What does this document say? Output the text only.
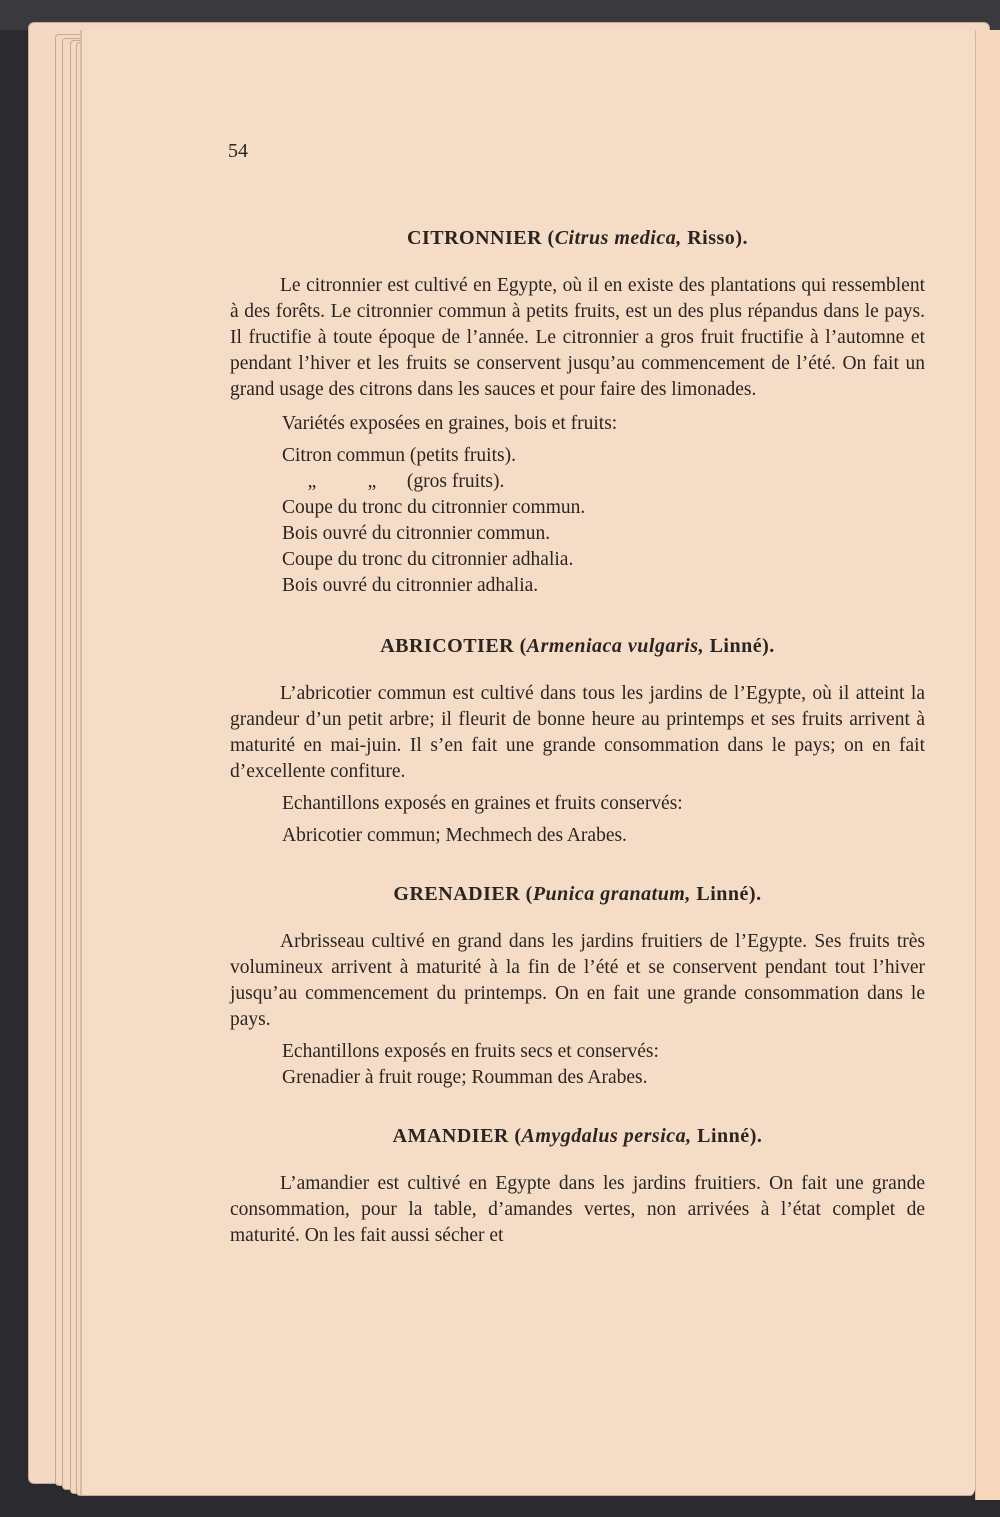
54
CITRONNIER (Citrus medica, Risso).

Le citronnier est cultivé en Egypte, où il en existe des plantations qui ressemblent à des forêts. Le citronnier commun à petits fruits, est un des plus répandus dans le pays. Il fructifie à toute époque de l’année. Le citronnier a gros fruit fructifie à l’automne et pendant l’hiver et les fruits se conservent jusqu’au commencement de l’été. On fait un grand usage des citrons dans les sauces et pour faire des limonades.

Variétés exposées en graines, bois et fruits:
Citron commun (petits fruits).
„	„ (gros fruits).
Coupe du tronc du citronnier commun.
Bois ouvré du citronnier commun.
Coupe du tronc du citronnier adhalia.
Bois ouvré du citronnier adhalia.
ABRICOTIER (Armeniaca vulgaris, Linné).

L’abricotier commun est cultivé dans tous les jardins de l’Egypte, où il atteint la grandeur d’un petit arbre; il fleurit de bonne heure au printemps et ses fruits arrivent à maturité en mai-juin. Il s’en fait une grande consommation dans le pays; on en fait d’excellente confiture.

Echantillons exposés en graines et fruits conservés:
Abricotier commun; Mechmech des Arabes.
GRENADIER (Punica granatum, Linné).

Arbrisseau cultivé en grand dans les jardins fruitiers de l’Egypte. Ses fruits très volumineux arrivent à maturité à la fin de l’été et se conservent pendant tout l’hiver jusqu’au commencement du printemps. On en fait une grande consommation dans le pays.

Echantillons exposés en fruits secs et conservés:
Grenadier à fruit rouge; Roumman des Arabes.
AMANDIER (Amygdalus persica, Linné).

L’amandier est cultivé en Egypte dans les jardins fruitiers. On fait une grande consommation, pour la table, d’amandes vertes, non arrivées à l’état complet de maturité. On les fait aussi sécher et
